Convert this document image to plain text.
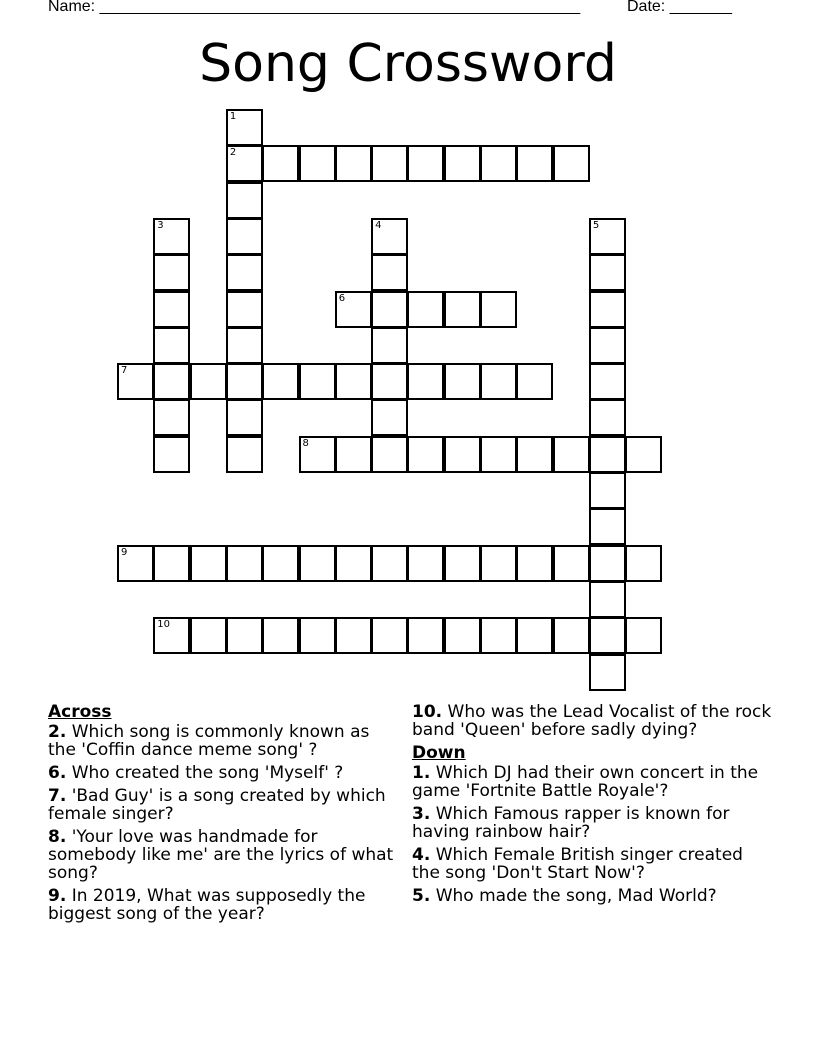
Name: ______________________________________________________	Date: _______
Song Crossword
1
2
3	4	5
6
7
8
9
10
Across
2. Which song is commonly known as the 'Coffin dance meme song' ?
6. Who created the song 'Myself' ?
7. 'Bad Guy' is a song created by which female singer?
8. 'Your love was handmade for somebody like me' are the lyrics of what song?
9. In 2019, What was supposedly the biggest song of the year?
10. Who was the Lead Vocalist of the rock band 'Queen' before sadly dying?
Down
1. Which DJ had their own concert in the game 'Fortnite Battle Royale'?
3. Which Famous rapper is known for having rainbow hair?
4. Which Female British singer created the song 'Don't Start Now'?
5. Who made the song, Mad World?
